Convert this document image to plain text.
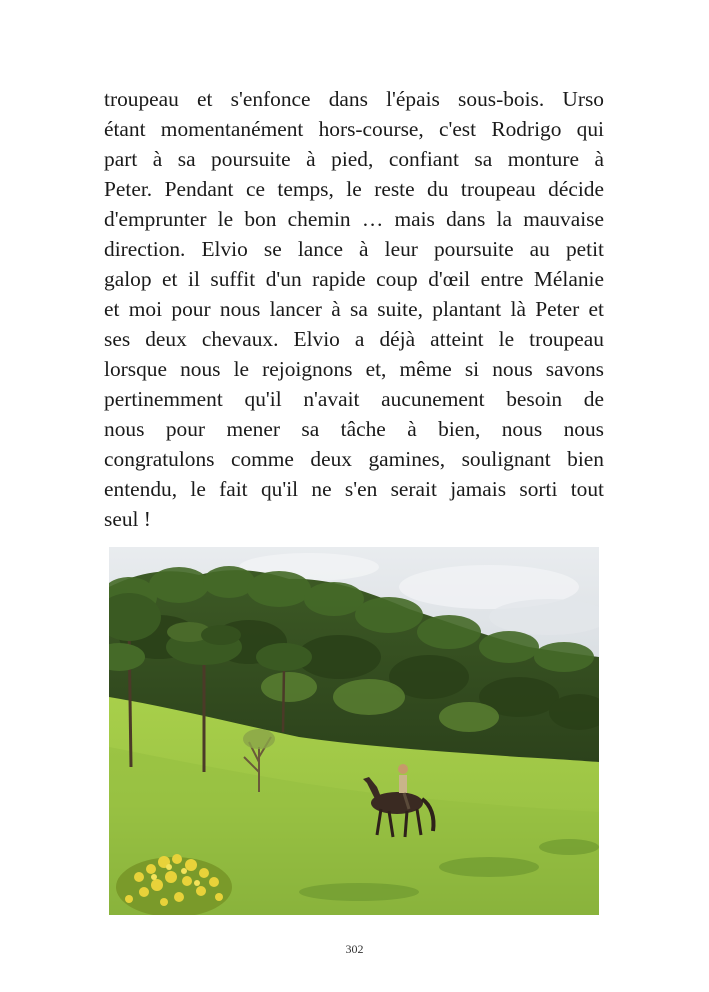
troupeau et s'enfonce dans l'épais sous-bois. Urso
étant momentanément hors-course, c'est Rodrigo qui
part à sa poursuite à pied, confiant sa monture à
Peter. Pendant ce temps, le reste du troupeau décide
d'emprunter le bon chemin … mais dans la mauvaise
direction. Elvio se lance à leur poursuite au petit
galop et il suffit d'un rapide coup d'œil entre Mélanie
et moi pour nous lancer à sa suite, plantant là Peter et
ses deux chevaux. Elvio a déjà atteint le troupeau
lorsque nous le rejoignons et, même si nous savons
pertinemment qu'il n'avait aucunement besoin de
nous pour mener sa tâche à bien, nous nous
congratulons comme deux gamines, soulignant bien
entendu, le fait qu'il ne s'en serait jamais sorti tout
seul !
302
